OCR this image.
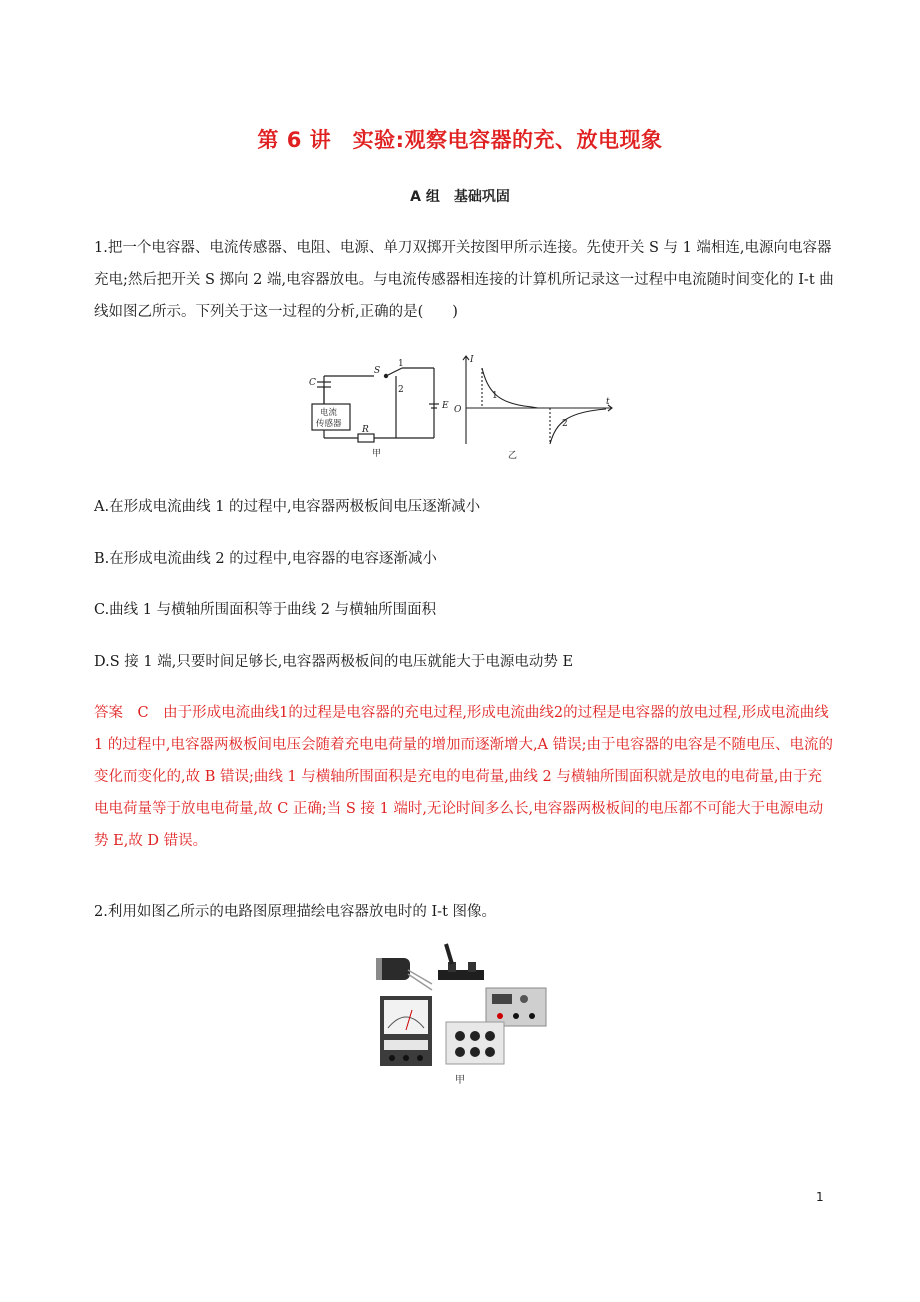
第 6 讲　实验:观察电容器的充、放电现象
A 组　基础巩固

1.把一个电容器、电流传感器、电阻、电源、单刀双掷开关按图甲所示连接。先使开关 S 与 1 端相连,电源向电容器充电;然后把开关 S 掷向 2 端,电容器放电。与电流传感器相连接的计算机所记录这一过程中电流随时间变化的 I-t 曲线如图乙所示。下列关于这一过程的分析,正确的是(　　)

S
1
2
C
E
R
电流
传感器
甲
I
t
O
1
2
乙
A.在形成电流曲线 1 的过程中,电容器两极板间电压逐渐减小
B.在形成电流曲线 2 的过程中,电容器的电容逐渐减小
C.曲线 1 与横轴所围面积等于曲线 2 与横轴所围面积
D.S 接 1 端,只要时间足够长,电容器两极板间的电压就能大于电源电动势 E

答案　C　由于形成电流曲线1的过程是电容器的充电过程,形成电流曲线2的过程是电容器的放电过程,形成电流曲线 1 的过程中,电容器两极板间电压会随着充电电荷量的增加而逐渐增大,A 错误;由于电容器的电容是不随电压、电流的变化而变化的,故 B 错误;曲线 1 与横轴所围面积是充电的电荷量,曲线 2 与横轴所围面积就是放电的电荷量,由于充电电荷量等于放电电荷量,故 C 正确;当 S 接 1 端时,无论时间多么长,电容器两极板间的电压都不可能大于电源电动势 E,故 D 错误。

2.利用如图乙所示的电路图原理描绘电容器放电时的 I-t 图像。

甲
1
